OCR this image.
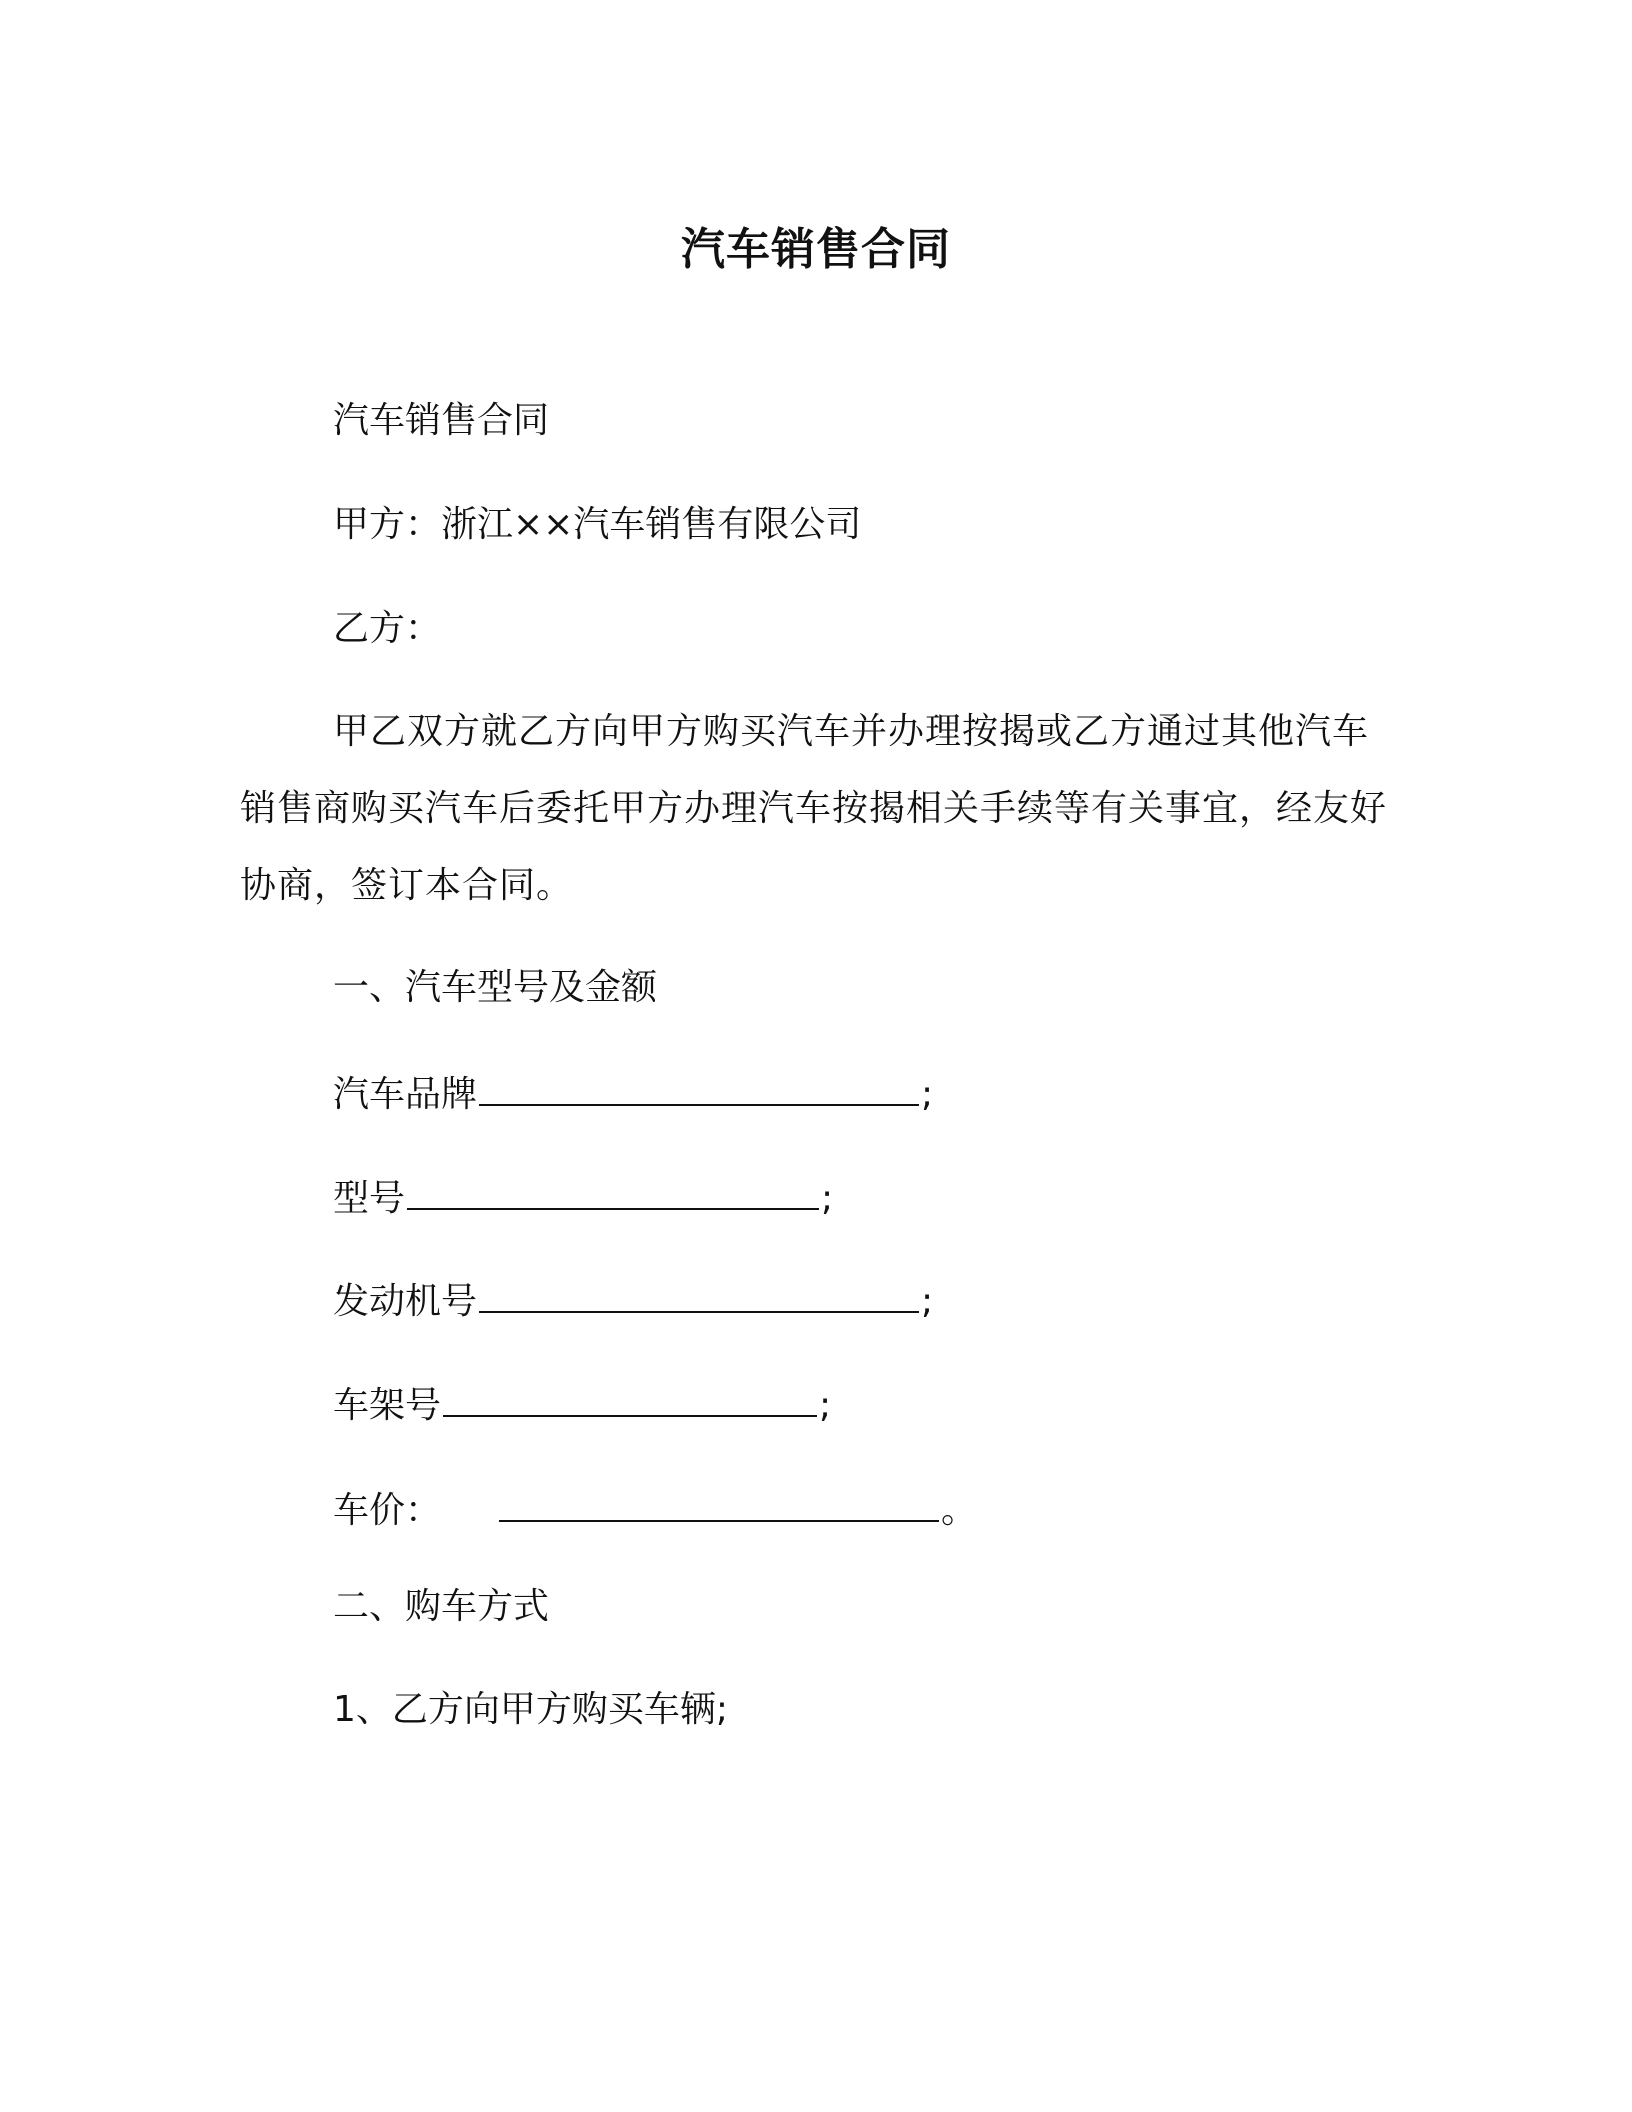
汽车销售合同
汽车销售合同
甲方：浙江××汽车销售有限公司
乙方：
甲乙双方就乙方向甲方购买汽车并办理按揭或乙方通过其他汽车销售商购买汽车后委托甲方办理汽车按揭相关手续等有关事宜，经友好协商，签订本合同。
一、汽车型号及金额
汽车品牌	;
型号	;
发动机号	;
车架号	;
车价：	。
二、购车方式
1、乙方向甲方购买车辆;
